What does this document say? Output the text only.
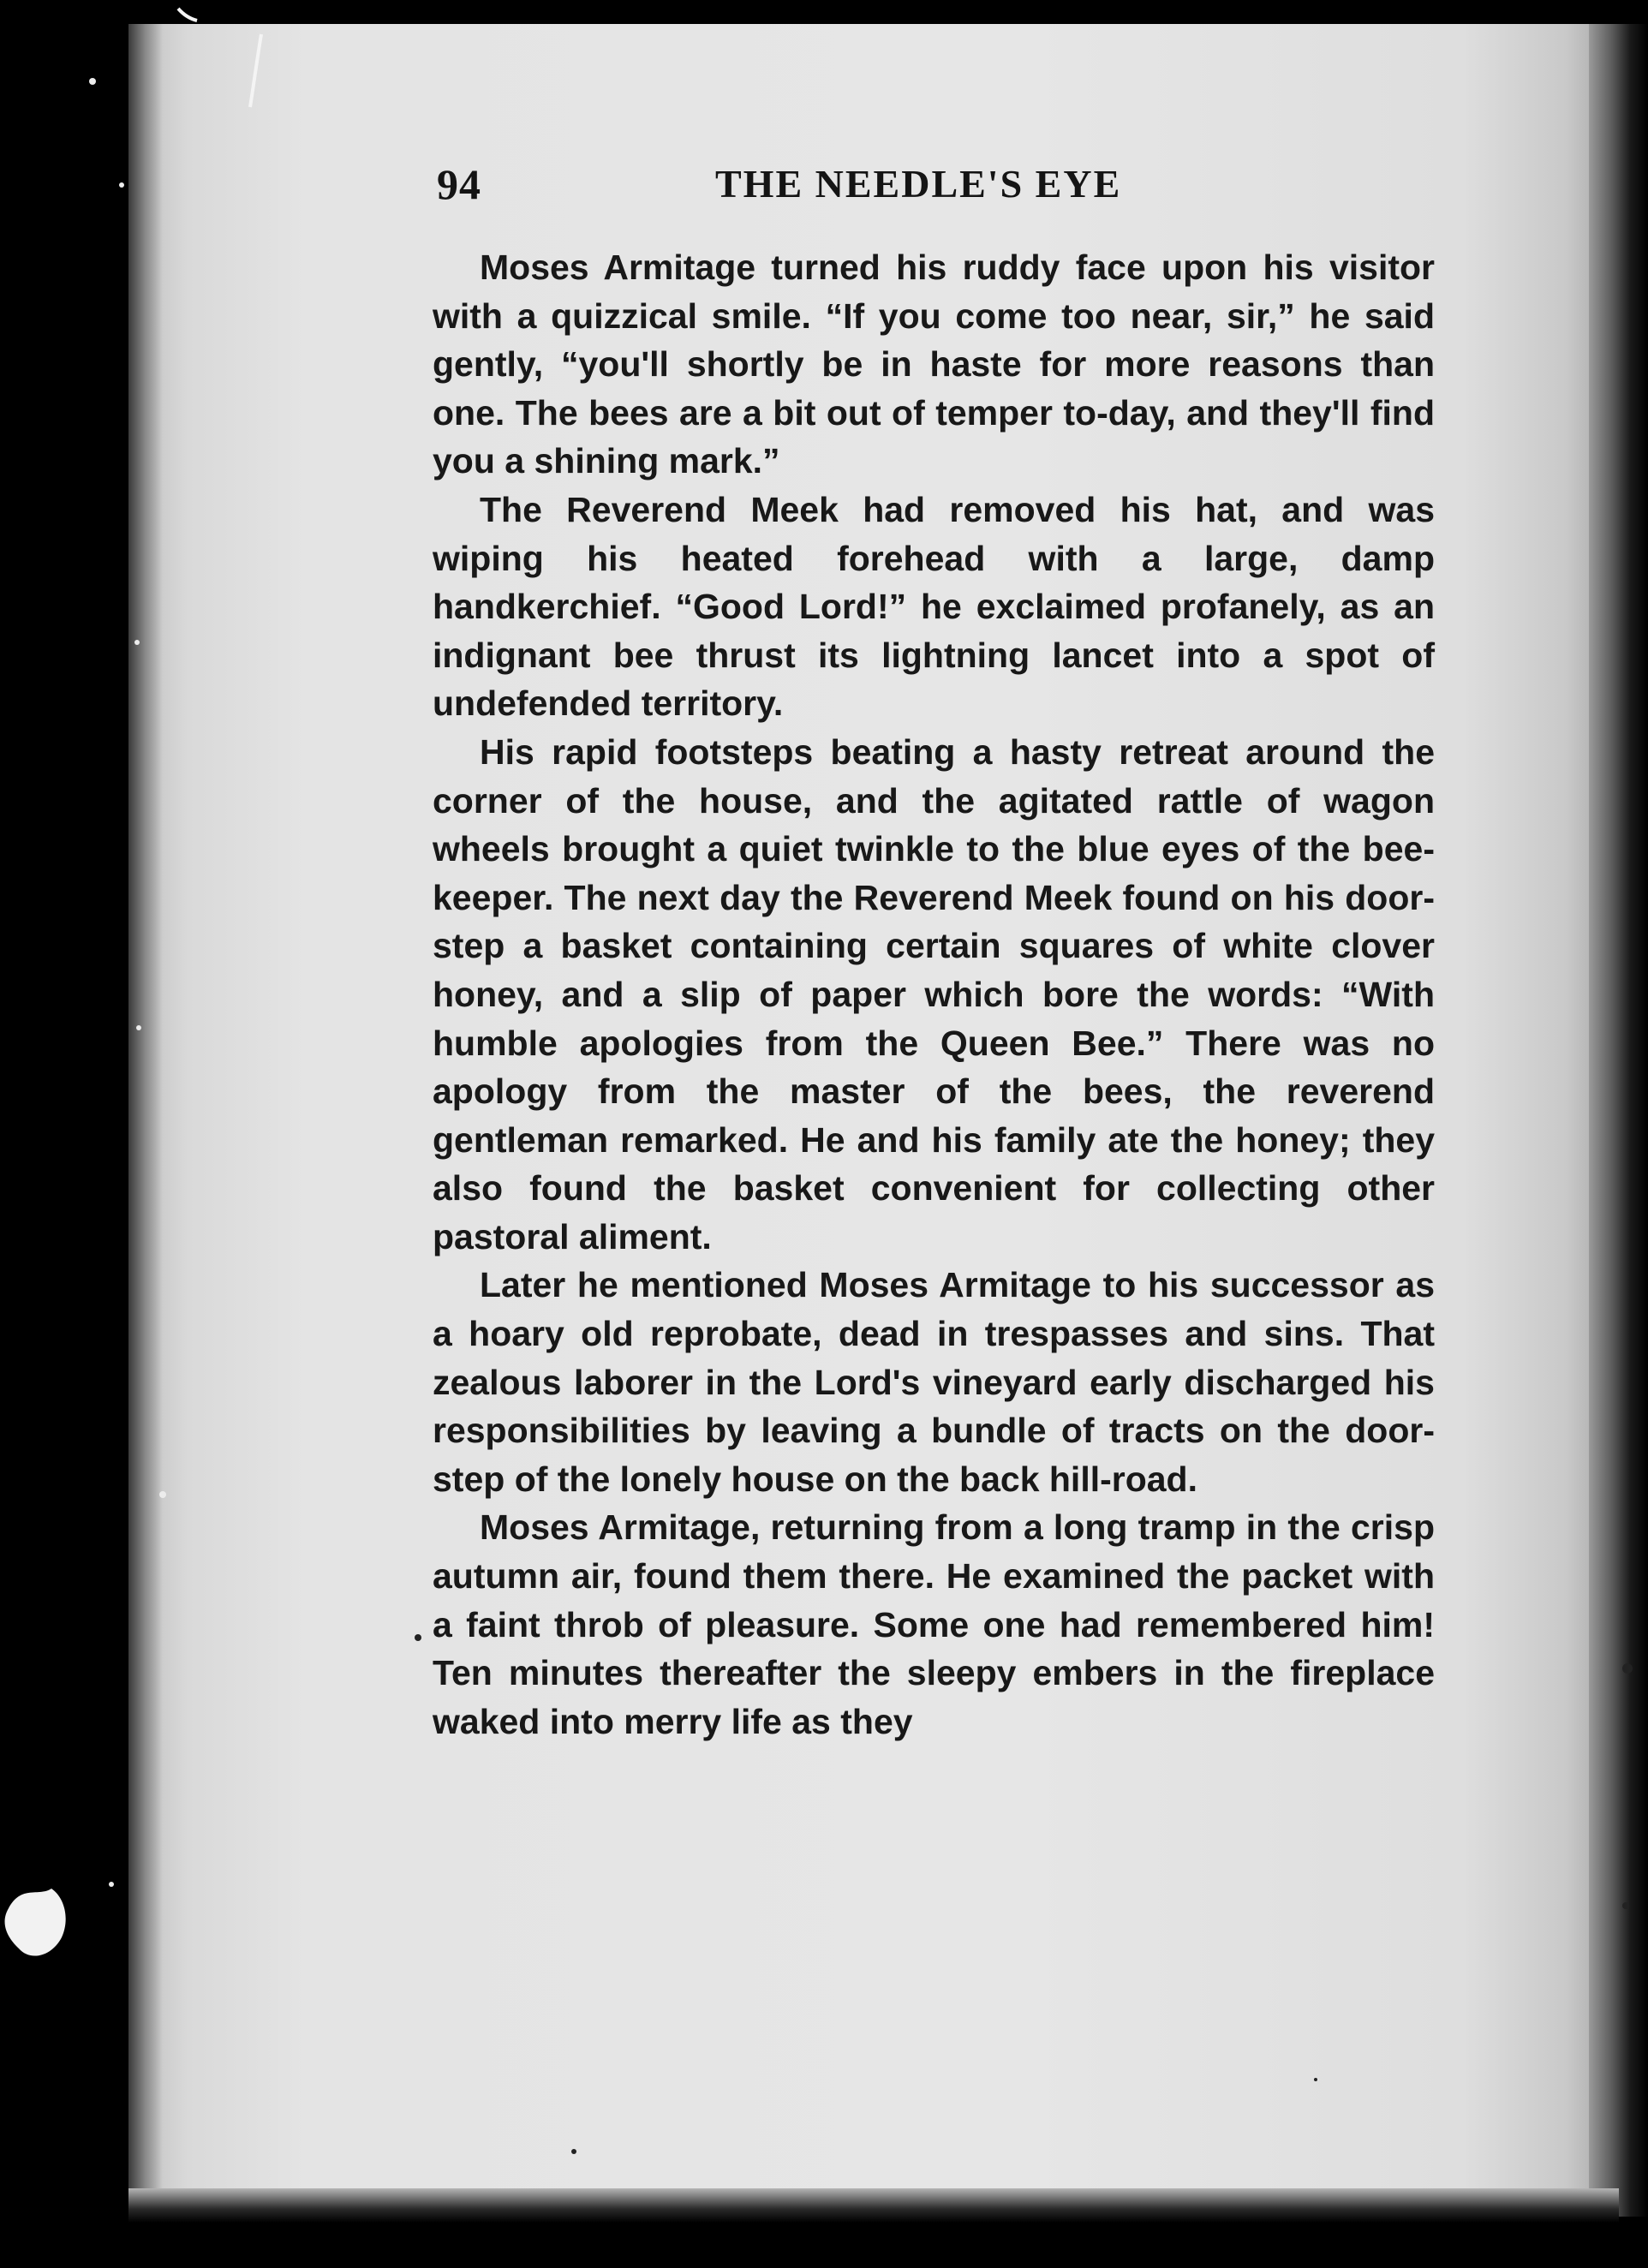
94	THE NEEDLE'S EYE

Moses Armitage turned his ruddy face upon his visitor with a quizzical smile. “If you come too near, sir,” he said gently, “you'll shortly be in haste for more reasons than one. The bees are a bit out of temper to-day, and they'll find you a shining mark.”

The Reverend Meek had removed his hat, and was wiping his heated forehead with a large, damp handkerchief. “Good Lord!” he exclaimed profanely, as an indignant bee thrust its lightning lancet into a spot of undefended territory.

His rapid footsteps beating a hasty retreat around the corner of the house, and the agitated rattle of wagon wheels brought a quiet twinkle to the blue eyes of the bee-keeper. The next day the Reverend Meek found on his door-step a basket containing certain squares of white clover honey, and a slip of paper which bore the words: “With humble apologies from the Queen Bee.” There was no apology from the master of the bees, the reverend gentleman remarked. He and his family ate the honey; they also found the basket convenient for collecting other pastoral aliment.

Later he mentioned Moses Armitage to his successor as a hoary old reprobate, dead in trespasses and sins. That zealous laborer in the Lord's vineyard early discharged his responsibilities by leaving a bundle of tracts on the door-step of the lonely house on the back hill-road.

Moses Armitage, returning from a long tramp in the crisp autumn air, found them there. He examined the packet with a faint throb of pleasure. Some one had remembered him! Ten minutes thereafter the sleepy embers in the fireplace waked into merry life as they
